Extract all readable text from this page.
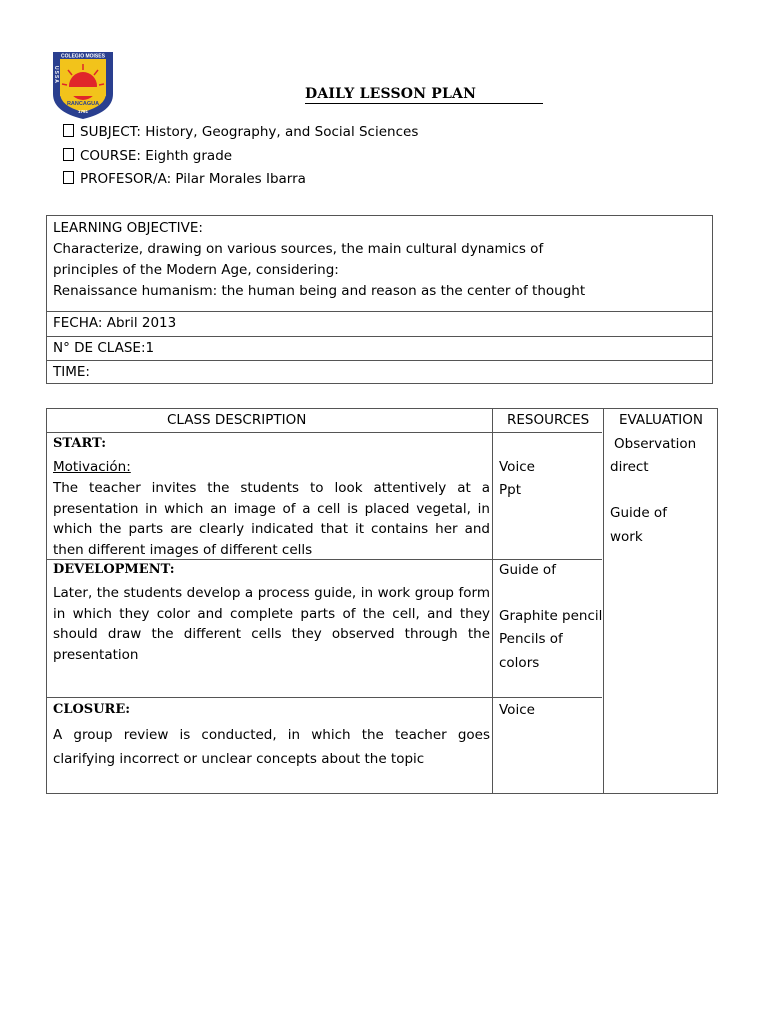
COLEGIO MOISES
USSA
RANCAGUA
1791
DAILY LESSON PLAN
SUBJECT: History, Geography, and Social Sciences
COURSE: Eighth grade
PROFESOR/A: Pilar Morales Ibarra
LEARNING OBJECTIVE:
Characterize, drawing on various sources, the main cultural dynamics of
principles of the Modern Age, considering:
Renaissance humanism: the human being and reason as the center of thought
FECHA: Abril 2013
N° DE CLASE:1
TIME:
CLASS DESCRIPTION	RESOURCES EVALUATION
START:
Motivación:
The teacher invites the students to look attentively at a presentation in which an image of a cell is placed vegetal, in which the parts are clearly indicated that it contains her and then different images of different cells
Voice
Ppt
DEVELOPMENT:
Later, the students develop a process guide, in work group form in which they color and complete parts of the cell, and they should draw the different cells they observed through the presentation
Guide of
Graphite pencil
Pencils of
colors
CLOSURE:
A group review is conducted, in which the teacher goes clarifying incorrect or unclear concepts about the topic
Voice
Observation
direct
Guide of
work
